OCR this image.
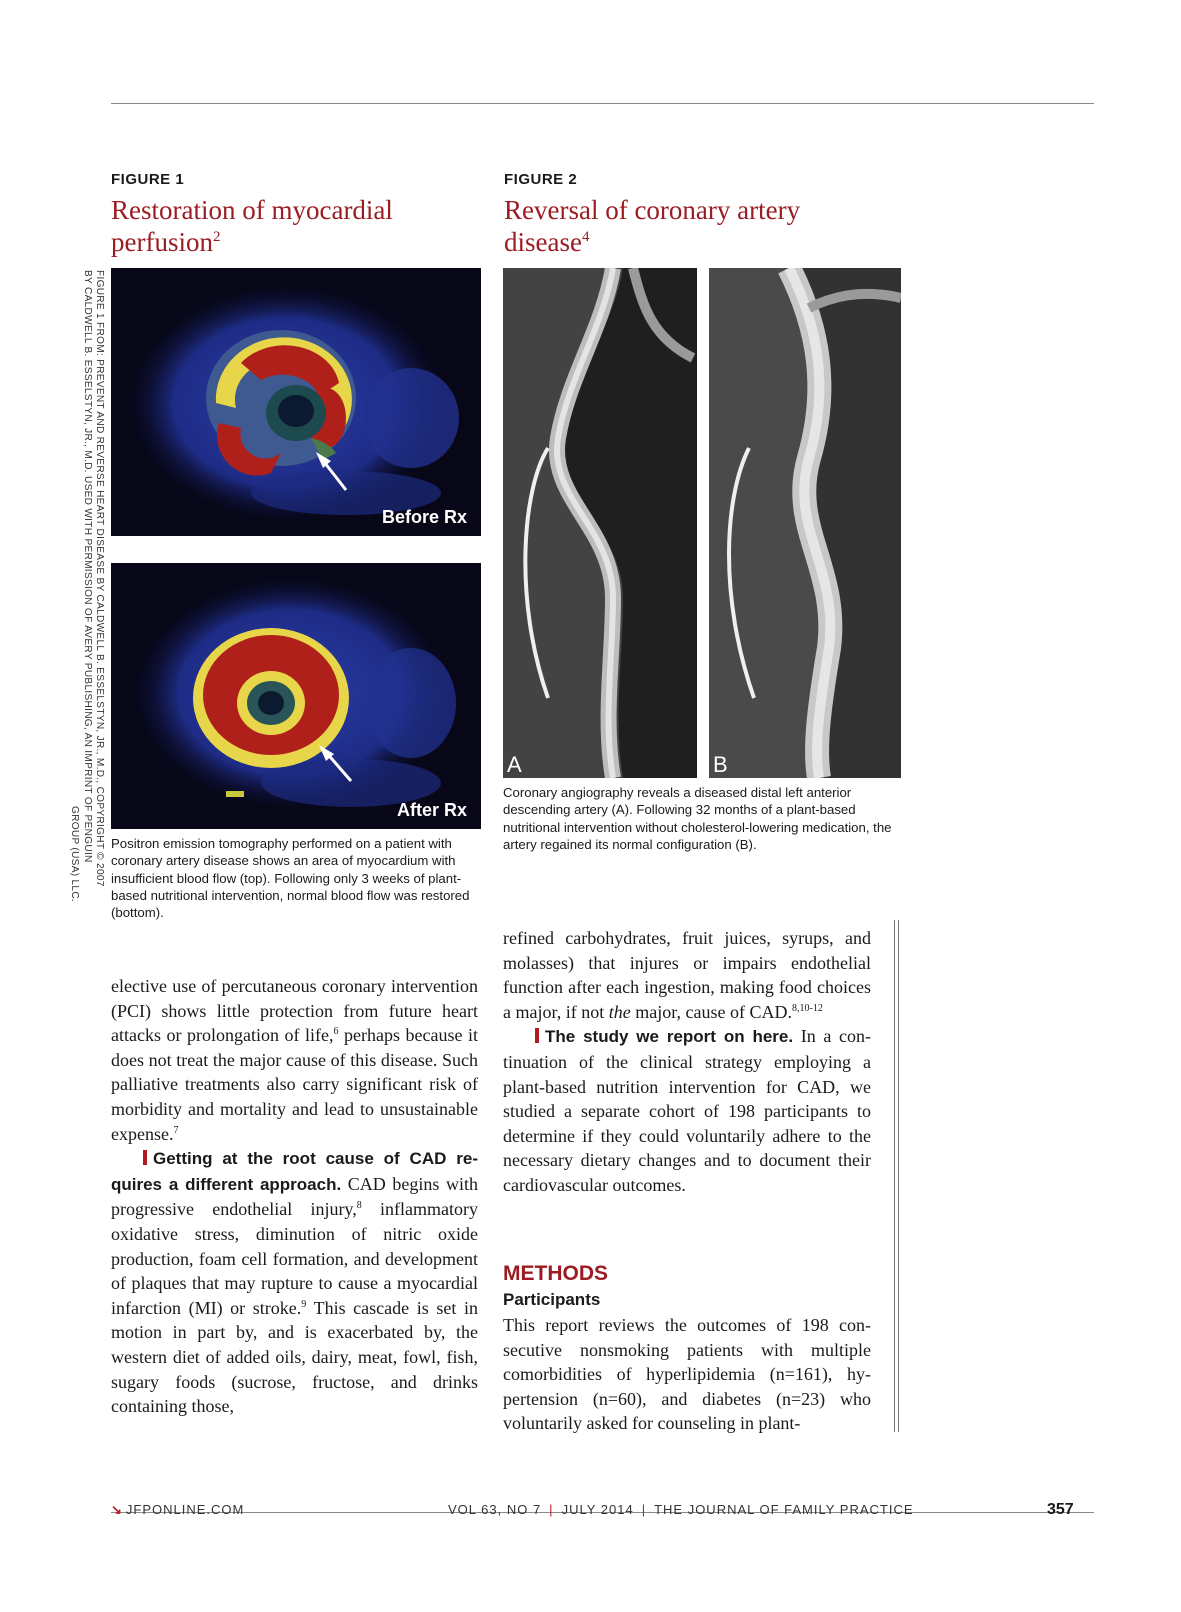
FIGURE 1
Restoration of myocardial perfusion$^2$
FIGURE 2
Reversal of coronary artery disease$^4$
FIGURE 1 FROM: PREVENT AND REVERSE HEART DISEASE BY CALDWELL B. ESSELSTYN, JR., M.D., COPYRIGHT © 2007
BY CALDWELL B. ESSELSTYN, JR., M.D. USED WITH PERMISSION OF AVERY PUBLISHING, AN IMPRINT OF PENGUIN
GROUP (USA) LLC.
Before Rx
After Rx
Positron emission tomography performed on a patient with coronary artery disease shows an area of myocardium with insufficient blood flow (top). Following only 3 weeks of plant-based nutritional intervention, normal blood flow was restored (bottom).
A	B
Coronary angiography reveals a diseased distal left anterior descending artery (A). Following 32 months of a plant-based nutritional intervention without cholesterol-lowering medication, the artery regained its normal configuration (B).

elective use of percutaneous coronary intervention (PCI) shows little protection from future heart attacks or prolongation of life,$^6$ perhaps because it does not treat the major cause of this disease. Such palliative treatments also carry significant risk of morbidity and mortality and lead to unsustainable expense.$^7$

Getting at the root cause of CAD requires a different approach. CAD begins with progressive endothelial injury,$^8$ inflammatory oxidative stress, diminution of nitric oxide production, foam cell formation, and development of plaques that may rupture to cause a myocardial infarction (MI) or stroke.$^9$ This cascade is set in motion in part by, and is exacerbated by, the western diet of added oils, dairy, meat, fowl, fish, sugary foods (sucrose, fructose, and drinks containing those,

refined carbohydrates, fruit juices, syrups, and molasses) that injures or impairs endothelial function after each ingestion, making food choices a major, if not the major, cause of CAD.$^{8,10-12}$

The study we report on here. In a continuation of the clinical strategy employing a plant-based nutrition intervention for CAD, we studied a separate cohort of 198 participants to determine if they could voluntarily adhere to the necessary dietary changes and to document their cardiovascular outcomes.

METHODS
Participants

This report reviews the outcomes of 198 consecutive nonsmoking patients with multiple comorbidities of hyperlipidemia (n=161), hypertension (n=60), and diabetes (n=23) who voluntarily asked for counseling in plant-

↘ JFPONLINE.COM	VOL 63, NO 7 | JULY 2014 | THE JOURNAL OF FAMILY PRACTICE	357
